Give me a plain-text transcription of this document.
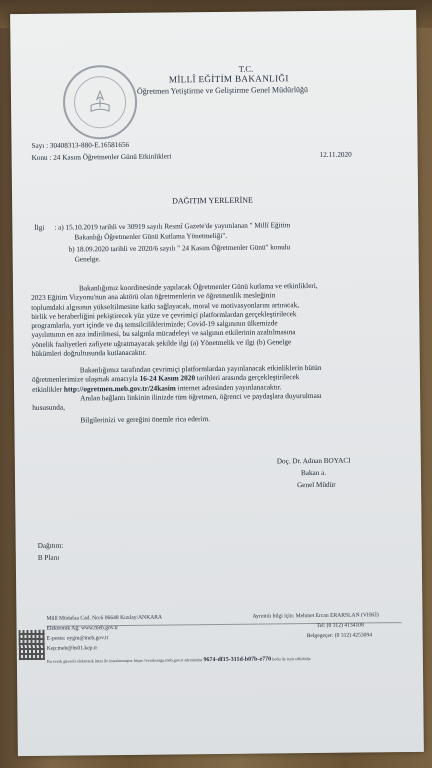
T.C.
MİLLÎ EĞİTİM BAKANLIĞI
Öğretmen Yetiştirme ve Geliştirme Genel Müdürlüğü
Sayı : 30408313-880-E.16581656
Konu : 24 Kasım Öğretmenler Günü Etkinlikleri	12.11.2020
DAĞITIM YERLERİNE
İlgi : a) 15.10.2019 tarihli ve 30919 sayılı Resmî Gazete'de yayımlanan " Millî Eğitim
Bakanlığı Öğretmenler Günü Kutlama Yönetmeliği".
b) 18.09.2020 tarihli ve 2020/6 sayılı " 24 Kasım Öğretmenler Günü" konulu
Genelge.
Bakanlığımız koordinesinde yapılacak Öğretmenler Günü kutlama ve etkinlikleri,
2023 Eğitim Vizyonu'nun ana aktörü olan öğretmenlerin ve öğretmenlik mesleğinin
toplumdaki algısının yükseltilmesine katkı sağlayacak, moral ve motivasyonlarını artıracak,
birlik ve beraberliğini pekiştirecek yüz yüze ve çevrimiçi platformlardan gerçekleştirilecek
programlarla, yurt içinde ve dış temsilciliklerimizde; Covid-19 salgınının ülkemizde
yayılımının en aza indirilmesi, bu salgınla mücadeleyi ve salgının etkilerinin azaltılmasına
yönelik faaliyetleri zafiyete uğratmayacak şekilde ilgi (a) Yönetmelik ve ilgi (b) Genelge
hükümleri doğrultusunda kutlanacaktır.
Bakanlığımız tarafından çevrimiçi platformlardan yayınlanacak etkinliklerin bütün
öğretmenlerimize ulaşmak amacıyla 16-24 Kasım 2020 tarihleri arasında gerçekleştirilecek
etkinlikler http://ogretmen.meb.gov.tr/24kasim internet adresinden yayınlanacaktır.
Anılan bağlantı linkinin ilinizde tüm öğretmen, öğrenci ve paydaşlara duyurulması
hususunda,
Bilgilerinizi ve gereğini önemle rica ederim.
Doç. Dr. Adnan BOYACI
Bakan a.
Genel Müdür
Dağıtım:
B Planı
Millî Müdafaa Cad. No:6 06648 Kızılay/ANKARA
Elektronik Ağ: www.meb.gov.tr
E-posta: oygm@meb.gov.tr
Kep:meb@hs01.kep.tr
Ayrıntılı bilgi için: Mehmet Ercan ERARSLAN (VHKİ)
Tel: (0 312) 4134108
Belgegeçer: (0 312) 4253094
Bu evrak güvenli elektronik imza ile imzalanmıştır. https://evraksorgu.meb.gov.tr adresinden 9674-df15-311d-b07b-e770 kodu ile teyit edilebilir.
